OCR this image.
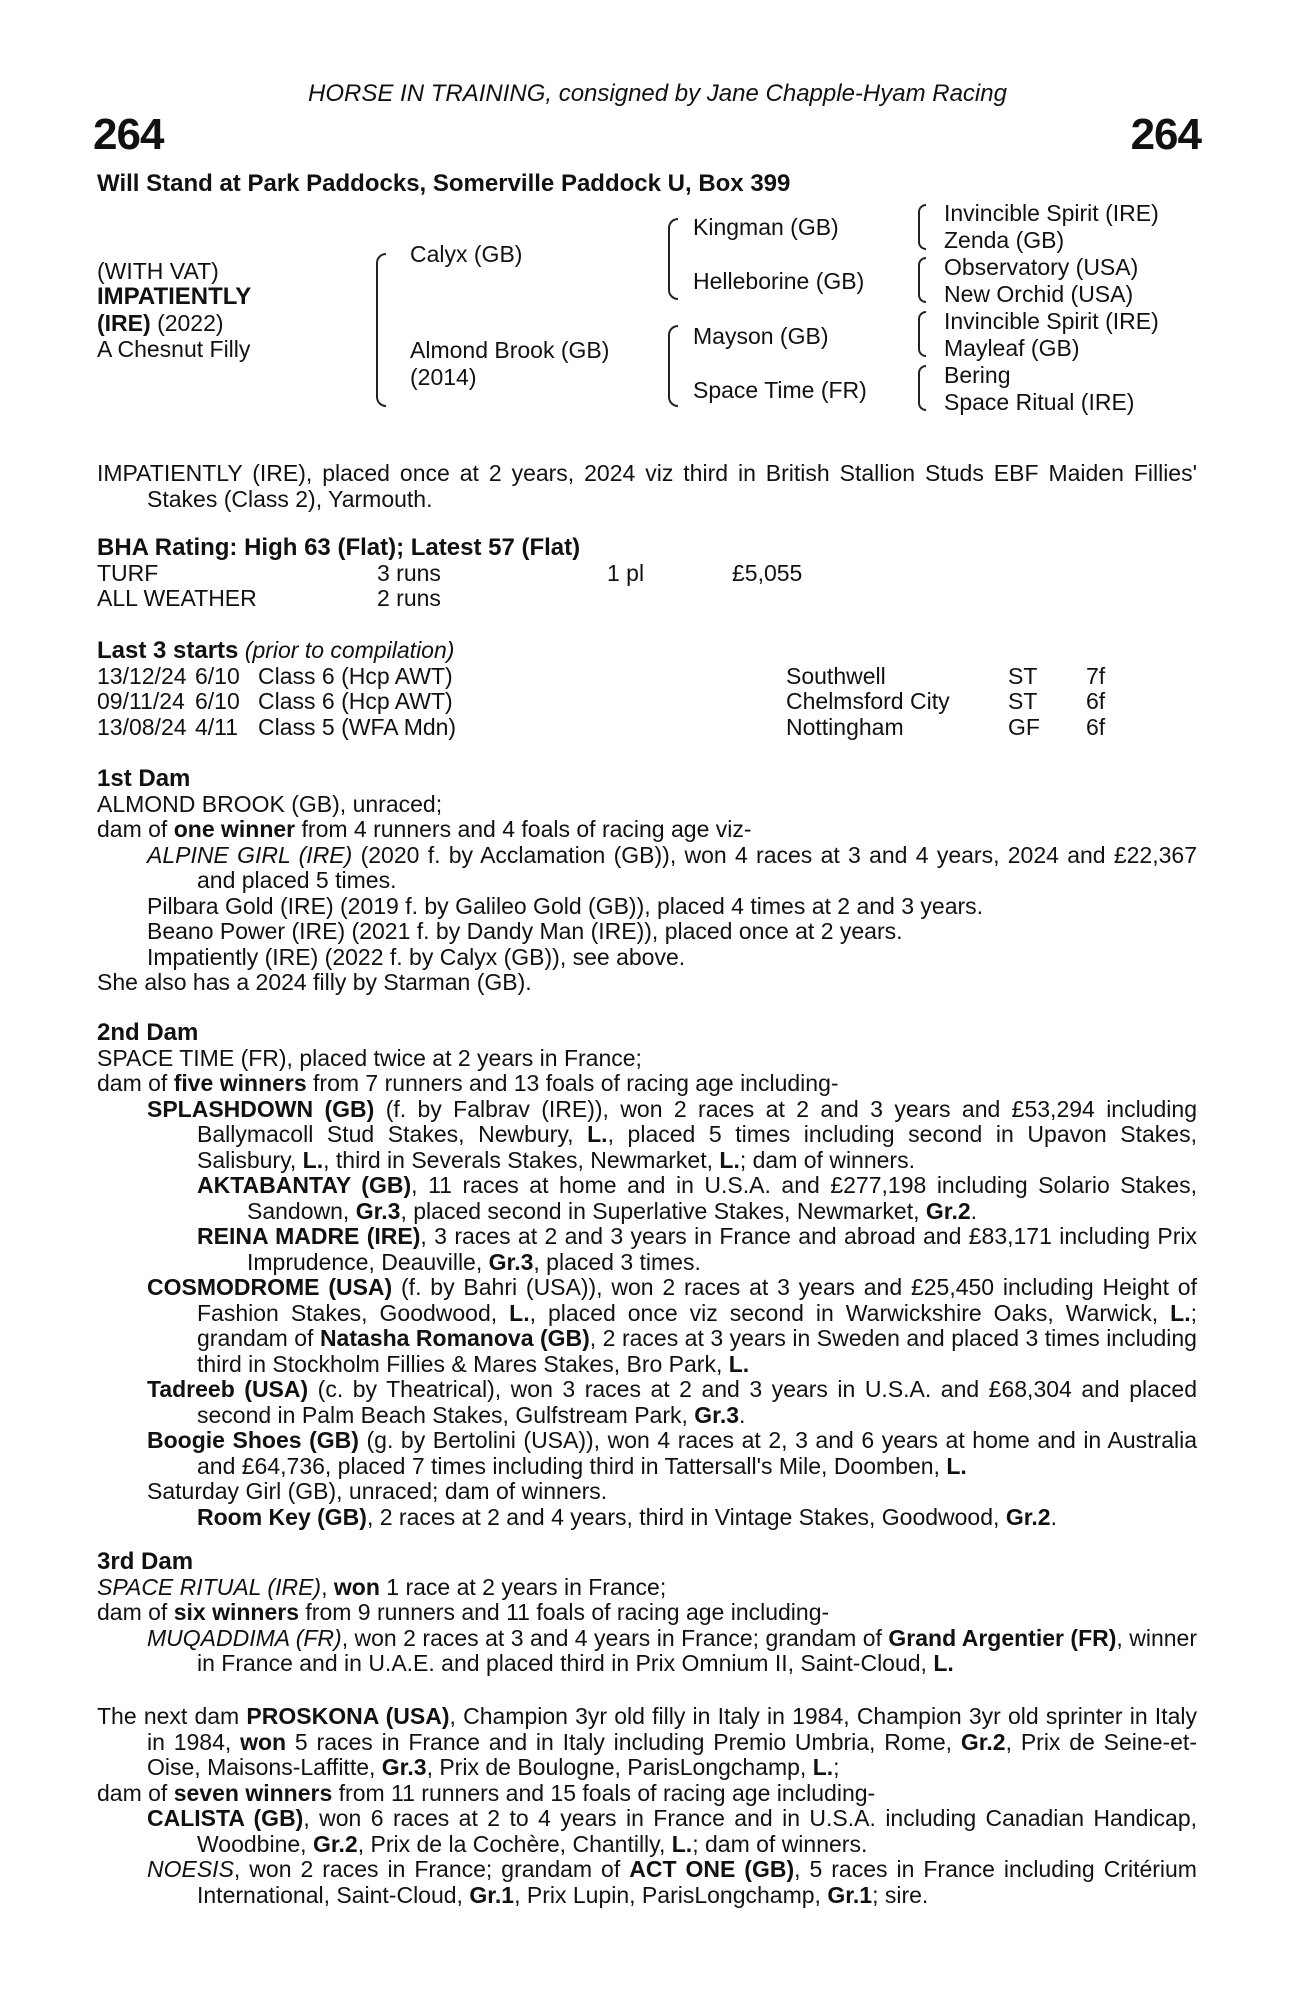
HORSE IN TRAINING, consigned by Jane Chapple-Hyam Racing
264	264
Will Stand at Park Paddocks, Somerville Paddock U, Box 399
(WITH VAT)
IMPATIENTLY
(IRE) (2022)
A Chesnut Filly
Calyx (GB)
Almond Brook (GB)
(2014)
Kingman (GB)
Helleborine (GB)
Mayson (GB)
Space Time (FR)
Invincible Spirit (IRE)
Zenda (GB)
Observatory (USA)
New Orchid (USA)
Invincible Spirit (IRE)
Mayleaf (GB)
Bering
Space Ritual (IRE)
IMPATIENTLY (IRE), placed once at 2 years, 2024 viz third in British Stallion Studs EBF Maiden Fillies' Stakes (Class 2), Yarmouth.
BHA Rating: High 63 (Flat); Latest 57 (Flat)
TURF	3 runs	1 pl	£5,055
ALL WEATHER	2 runs
Last 3 starts (prior to compilation)
13/12/24 6/10 Class 6 (Hcp AWT)	Southwell	ST	7f
09/11/24 6/10 Class 6 (Hcp AWT)	Chelmsford City	ST	6f
13/08/24 4/11 Class 5 (WFA Mdn)	Nottingham	GF	6f
1st Dam
ALMOND BROOK (GB), unraced;
dam of one winner from 4 runners and 4 foals of racing age viz-
ALPINE GIRL (IRE) (2020 f. by Acclamation (GB)), won 4 races at 3 and 4 years, 2024 and £22,367 and placed 5 times.
Pilbara Gold (IRE) (2019 f. by Galileo Gold (GB)), placed 4 times at 2 and 3 years.
Beano Power (IRE) (2021 f. by Dandy Man (IRE)), placed once at 2 years.
Impatiently (IRE) (2022 f. by Calyx (GB)), see above.
She also has a 2024 filly by Starman (GB).
2nd Dam
SPACE TIME (FR), placed twice at 2 years in France;
dam of five winners from 7 runners and 13 foals of racing age including-
SPLASHDOWN (GB) (f. by Falbrav (IRE)), won 2 races at 2 and 3 years and £53,294 including Ballymacoll Stud Stakes, Newbury, L., placed 5 times including second in Upavon Stakes, Salisbury, L., third in Severals Stakes, Newmarket, L.; dam of winners.
AKTABANTAY (GB), 11 races at home and in U.S.A. and £277,198 including Solario Stakes, Sandown, Gr.3, placed second in Superlative Stakes, Newmarket, Gr.2.
REINA MADRE (IRE), 3 races at 2 and 3 years in France and abroad and £83,171 including Prix Imprudence, Deauville, Gr.3, placed 3 times.
COSMODROME (USA) (f. by Bahri (USA)), won 2 races at 3 years and £25,450 including Height of Fashion Stakes, Goodwood, L., placed once viz second in Warwickshire Oaks, Warwick, L.; grandam of Natasha Romanova (GB), 2 races at 3 years in Sweden and placed 3 times including third in Stockholm Fillies & Mares Stakes, Bro Park, L.
Tadreeb (USA) (c. by Theatrical), won 3 races at 2 and 3 years in U.S.A. and £68,304 and placed second in Palm Beach Stakes, Gulfstream Park, Gr.3.
Boogie Shoes (GB) (g. by Bertolini (USA)), won 4 races at 2, 3 and 6 years at home and in Australia and £64,736, placed 7 times including third in Tattersall's Mile, Doomben, L.
Saturday Girl (GB), unraced; dam of winners.
Room Key (GB), 2 races at 2 and 4 years, third in Vintage Stakes, Goodwood, Gr.2.
3rd Dam
SPACE RITUAL (IRE), won 1 race at 2 years in France;
dam of six winners from 9 runners and 11 foals of racing age including-
MUQADDIMA (FR), won 2 races at 3 and 4 years in France; grandam of Grand Argentier (FR), winner in France and in U.A.E. and placed third in Prix Omnium II, Saint-Cloud, L.
The next dam PROSKONA (USA), Champion 3yr old filly in Italy in 1984, Champion 3yr old sprinter in Italy in 1984, won 5 races in France and in Italy including Premio Umbria, Rome, Gr.2, Prix de Seine-et-Oise, Maisons-Laffitte, Gr.3, Prix de Boulogne, ParisLongchamp, L.;
dam of seven winners from 11 runners and 15 foals of racing age including-
CALISTA (GB), won 6 races at 2 to 4 years in France and in U.S.A. including Canadian Handicap, Woodbine, Gr.2, Prix de la Cochère, Chantilly, L.; dam of winners.
NOESIS, won 2 races in France; grandam of ACT ONE (GB), 5 races in France including Critérium International, Saint-Cloud, Gr.1, Prix Lupin, ParisLongchamp, Gr.1; sire.
